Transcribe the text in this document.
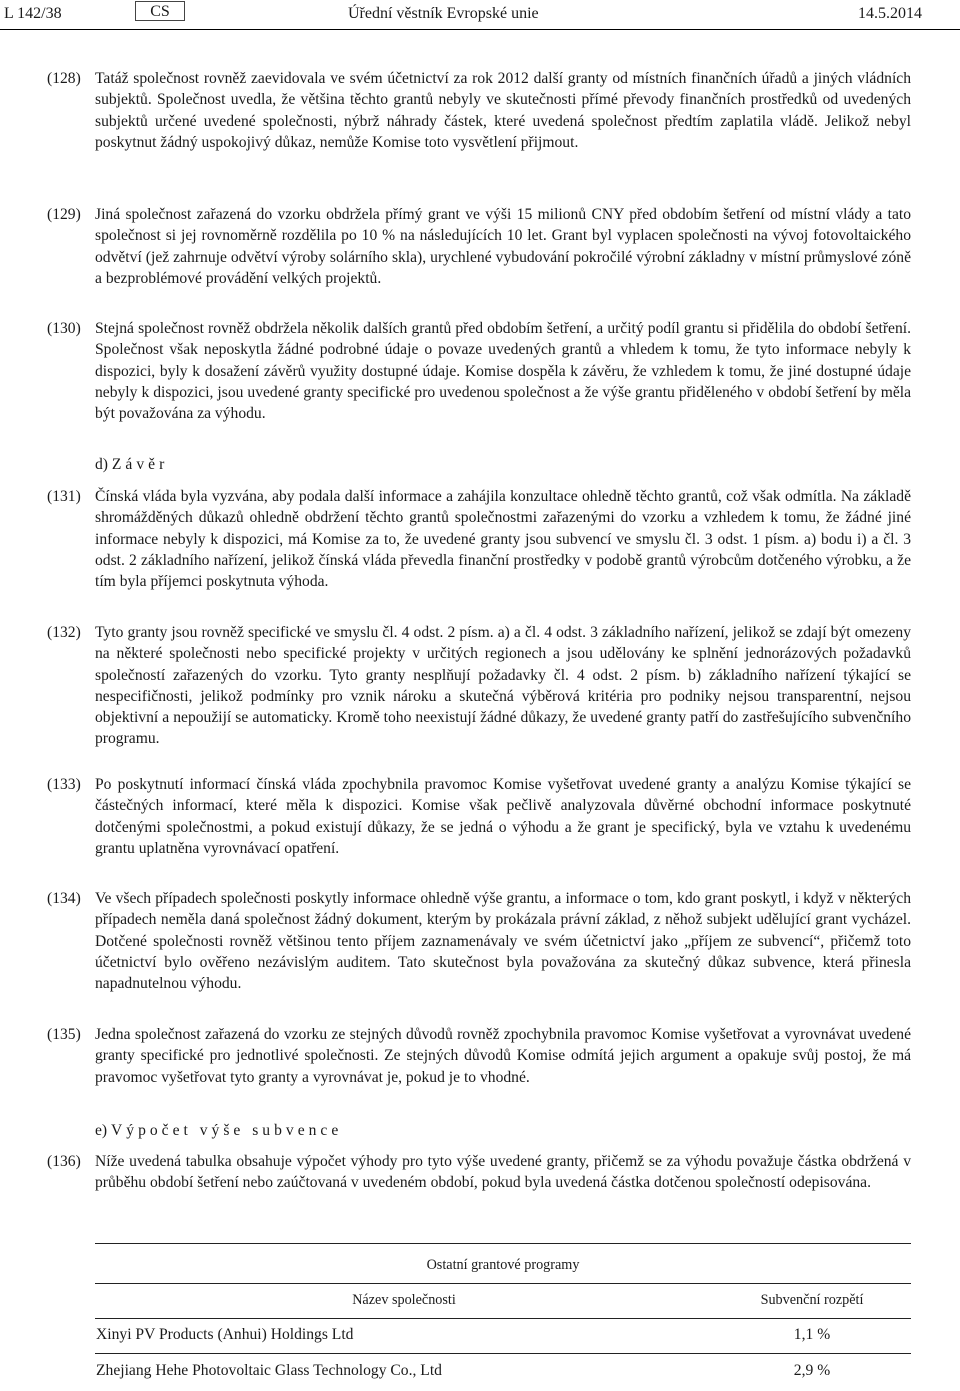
L 142/38	CS	Úřední věstník Evropské unie	14.5.2014
(128) Tatáž společnost rovněž zaevidovala ve svém účetnictví za rok 2012 další granty od místních finančních úřadů a jiných vládních subjektů. Společnost uvedla, že většina těchto grantů nebyly ve skutečnosti přímé převody finančních prostředků od uvedených subjektů určené uvedené společnosti, nýbrž náhrady částek, které uvedená společnost předtím zaplatila vládě. Jelikož nebyl poskytnut žádný uspokojivý důkaz, nemůže Komise toto vysvětlení přijmout.
(129) Jiná společnost zařazená do vzorku obdržela přímý grant ve výši 15 milionů CNY před obdobím šetření od místní vlády a tato společnost si jej rovnoměrně rozdělila po 10 % na následujících 10 let. Grant byl vyplacen společnosti na vývoj fotovoltaického odvětví (jež zahrnuje odvětví výroby solárního skla), urychlené vybudování pokročilé výrobní základny v místní průmyslové zóně a bezproblémové provádění velkých projektů.
(130) Stejná společnost rovněž obdržela několik dalších grantů před obdobím šetření, a určitý podíl grantu si přidělila do období šetření. Společnost však neposkytla žádné podrobné údaje o povaze uvedených grantů a vhledem k tomu, že tyto informace nebyly k dispozici, byly k dosažení závěrů využity dostupné údaje. Komise dospěla k závěru, že vzhledem k tomu, že jiné dostupné údaje nebyly k dispozici, jsou uvedené granty specifické pro uvedenou společnost a že výše grantu přiděleného v období šetření by měla být považována za výhodu.
d) Závěr
(131) Čínská vláda byla vyzvána, aby podala další informace a zahájila konzultace ohledně těchto grantů, což však odmítla. Na základě shromážděných důkazů ohledně obdržení těchto grantů společnostmi zařazenými do vzorku a vzhledem k tomu, že žádné jiné informace nebyly k dispozici, má Komise za to, že uvedené granty jsou subvencí ve smyslu čl. 3 odst. 1 písm. a) bodu i) a čl. 3 odst. 2 základního nařízení, jelikož čínská vláda převedla finanční prostředky v podobě grantů výrobcům dotčeného výrobku, a že tím byla příjemci poskytnuta výhoda.
(132) Tyto granty jsou rovněž specifické ve smyslu čl. 4 odst. 2 písm. a) a čl. 4 odst. 3 základního nařízení, jelikož se zdají být omezeny na některé společnosti nebo specifické projekty v určitých regionech a jsou udělovány ke splnění jednorázových požadavků společností zařazených do vzorku. Tyto granty nesplňují požadavky čl. 4 odst. 2 písm. b) základního nařízení týkající se nespecifičnosti, jelikož podmínky pro vznik nároku a skutečná výběrová kritéria pro podniky nejsou transparentní, nejsou objektivní a nepoužijí se automaticky. Kromě toho neexistují žádné důkazy, že uvedené granty patří do zastřešujícího subvenčního programu.
(133) Po poskytnutí informací čínská vláda zpochybnila pravomoc Komise vyšetřovat uvedené granty a analýzu Komise týkající se částečných informací, které měla k dispozici. Komise však pečlivě analyzovala důvěrné obchodní informace poskytnuté dotčenými společnostmi, a pokud existují důkazy, že se jedná o výhodu a že grant je specifický, byla ve vztahu k uvedenému grantu uplatněna vyrovnávací opatření.
(134) Ve všech případech společnosti poskytly informace ohledně výše grantu, a informace o tom, kdo grant poskytl, i když v některých případech neměla daná společnost žádný dokument, kterým by prokázala právní základ, z něhož subjekt udělující grant vycházel. Dotčené společnosti rovněž většinou tento příjem zaznamenávaly ve svém účetnictví jako „příjem ze subvencí“, přičemž toto účetnictví bylo ověřeno nezávislým auditem. Tato skutečnost byla považována za skutečný důkaz subvence, která přinesla napadnutelnou výhodu.
(135) Jedna společnost zařazená do vzorku ze stejných důvodů rovněž zpochybnila pravomoc Komise vyšetřovat a vyrovnávat uvedené granty specifické pro jednotlivé společnosti. Ze stejných důvodů Komise odmítá jejich argument a opakuje svůj postoj, že má pravomoc vyšetřovat tyto granty a vyrovnávat je, pokud je to vhodné.
e) Výpočet výše subvence
(136) Níže uvedená tabulka obsahuje výpočet výhody pro tyto výše uvedené granty, přičemž se za výhodu považuje částka obdržená v průběhu období šetření nebo zaúčtovaná v uvedeném období, pokud byla uvedená částka dotčenou společností odepisována.
Ostatní grantové programy
Název společnosti	Subvenční rozpětí
Xinyi PV Products (Anhui) Holdings Ltd	1,1 %
Zhejiang Hehe Photovoltaic Glass Technology Co., Ltd	2,9 %
